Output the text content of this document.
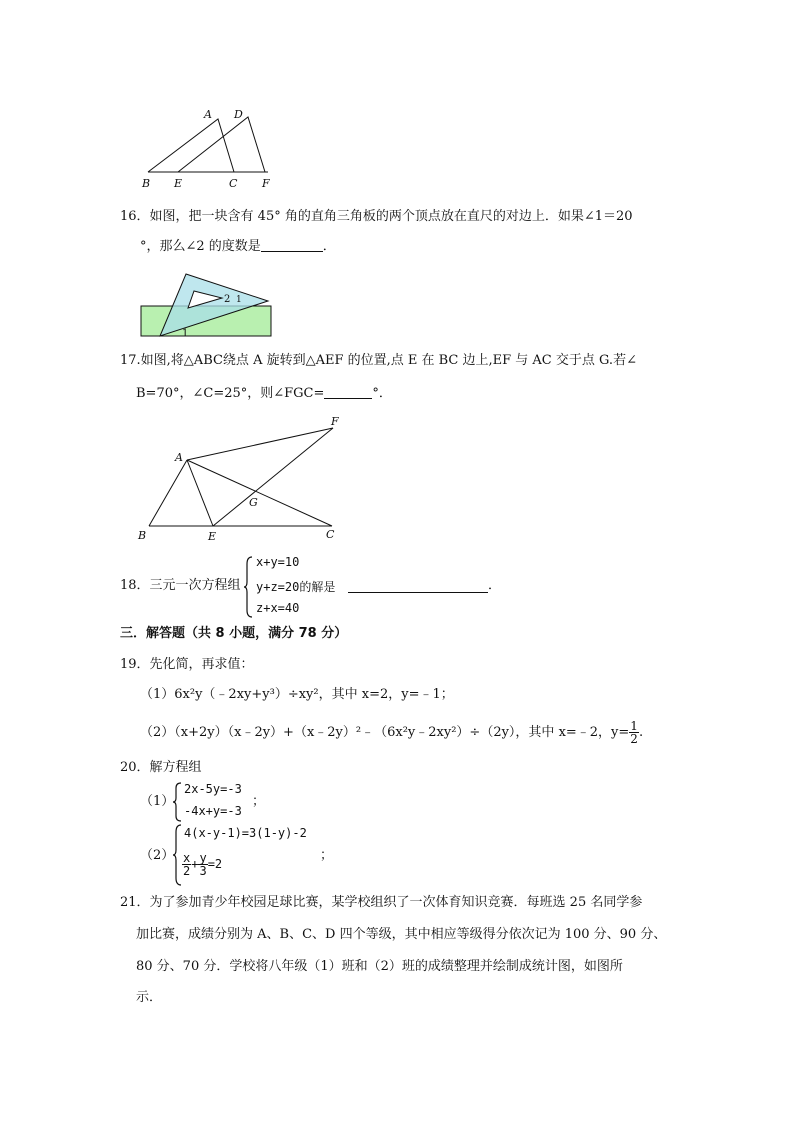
A D
B E	C F
16．如图，把一块含有 45° 角的直角三角板的两个顶点放在直尺的对边上．如果∠1＝20
°，那么∠2 的度数是	．
2 1
1
17.如图,将△ABC绕点 A 旋转到△AEF 的位置,点 E 在 BC 边上,EF 与 AC 交于点 G.若∠
B=70°，∠C=25°，则∠FGC=	°．
F
A
G
B	E	C
18．三元一次方程组
x+y=10
y+z=20的解是
z+x=40
．
三．解答题（共 8 小题，满分 78 分）
19．先化简，再求值：
（1）6x²y（﹣2xy+y³）÷xy²，其中 x=2，y=﹣1；
（2）（x+2y）（x﹣2y）+（x﹣2y）²﹣（6x²y﹣2xy²）÷（2y），其中 x=﹣2，$y= \frac{1}{2}$ .
20．解方程组
（1）
2x-5y=-3
-4x+y=-3
；
（2）
4(x-y-1)=3(1-y)-2
$\frac{x}{2} + \frac{y}{3} =2$
；
21．为了参加青少年校园足球比赛，某学校组织了一次体育知识竞赛．每班选 25 名同学参
加比赛，成绩分别为 A、B、C、D 四个等级，其中相应等级得分依次记为 100 分、90 分、
80 分、70 分．学校将八年级（1）班和（2）班的成绩整理并绘制成统计图，如图所
示．
